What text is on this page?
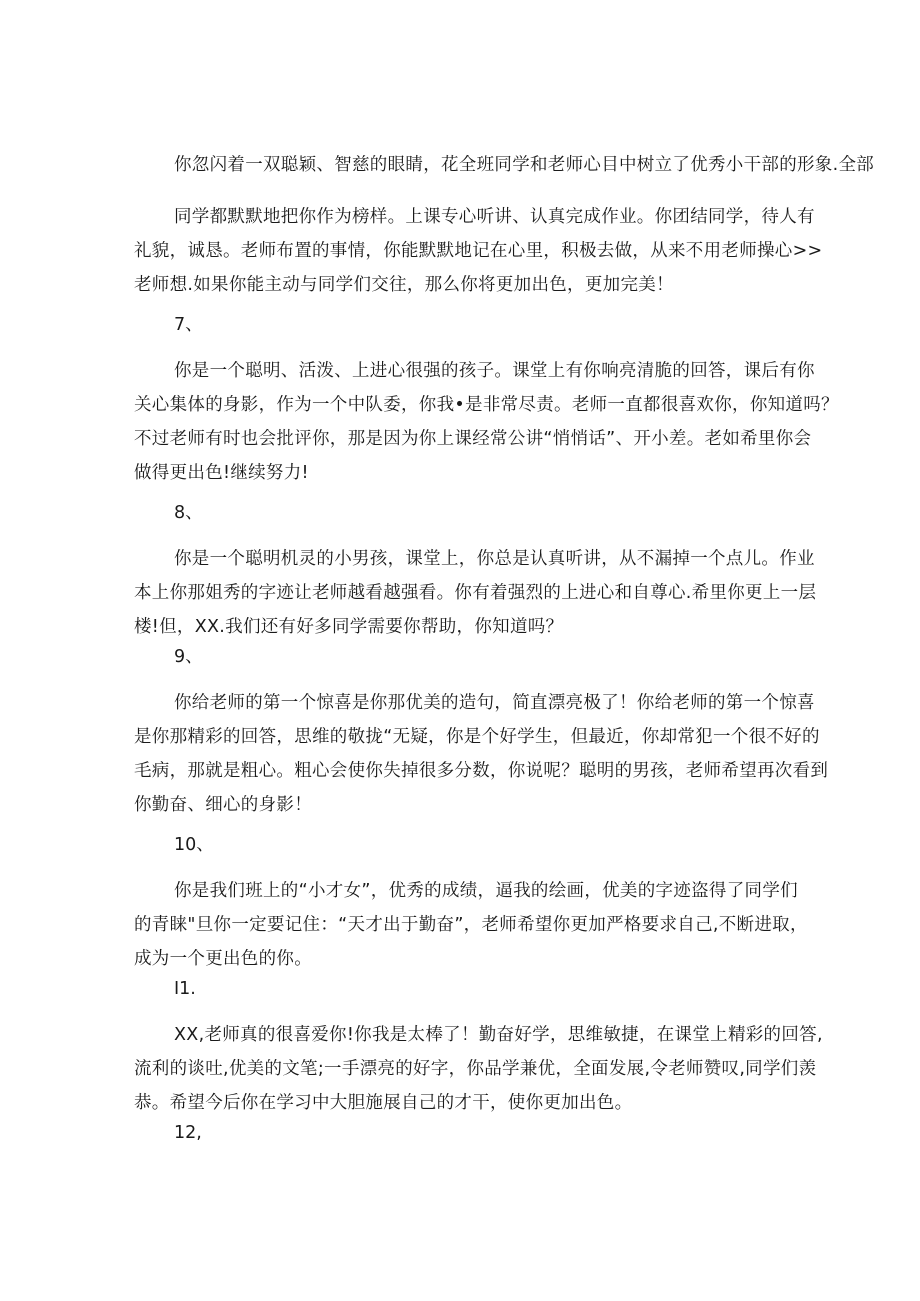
你忽闪着一双聪颖、智慈的眼睛，花全班同学和老师心目中树立了优秀小干部的形象.全部
同学都默默地把你作为榜样。上课专心听讲、认真完成作业。你团结同学，待人有
礼貌，诚恳。老师布置的事情，你能默默地记在心里，积极去做，从来不用老师操心>>
老师想.如果你能主动与同学们交往，那么你将更加出色，更加完美！
7、
你是一个聪明、活泼、上进心很强的孩子。课堂上有你响亮清脆的回答，课后有你
关心集体的身影，作为一个中队委，你我•是非常尽责。老师一直都很喜欢你，你知道吗？
不过老师有时也会批评你，那是因为你上课经常公讲“悄悄话”、开小差。老如希里你会
做得更出色!继续努力!
8、
你是一个聪明机灵的小男孩，课堂上，你总是认真听讲，从不漏掉一个点儿。作业
本上你那姐秀的字迹让老师越看越强看。你有着强烈的上进心和自尊心.希里你更上一层
楼!但，XX.我们还有好多同学需要你帮助，你知道吗？
9、
你给老师的第一个惊喜是你那优美的造句，简直漂亮极了！你给老师的第一个惊喜
是你那精彩的回答，思维的敬拢“无疑，你是个好学生，但最近，你却常犯一个很不好的
毛病，那就是粗心。粗心会使你失掉很多分数，你说呢？聪明的男孩，老师希望再次看到
你勤奋、细心的身影！
10、
你是我们班上的“小才女”，优秀的成绩，逼我的绘画，优美的字迹盗得了同学们
的青睐"旦你一定要记住：“天才出于勤奋”，老师希望你更加严格要求自己,不断进取，
成为一个更出色的你。
I1.
XX,老师真的很喜爱你!你我是太棒了！勤奋好学，思维敏捷，在课堂上精彩的回答,
流利的谈吐,优美的文笔;一手漂亮的好字，你品学兼优，全面发展,令老师赞叹,同学们羡
恭。希望今后你在学习中大胆施展自己的才干，使你更加出色。
12,
